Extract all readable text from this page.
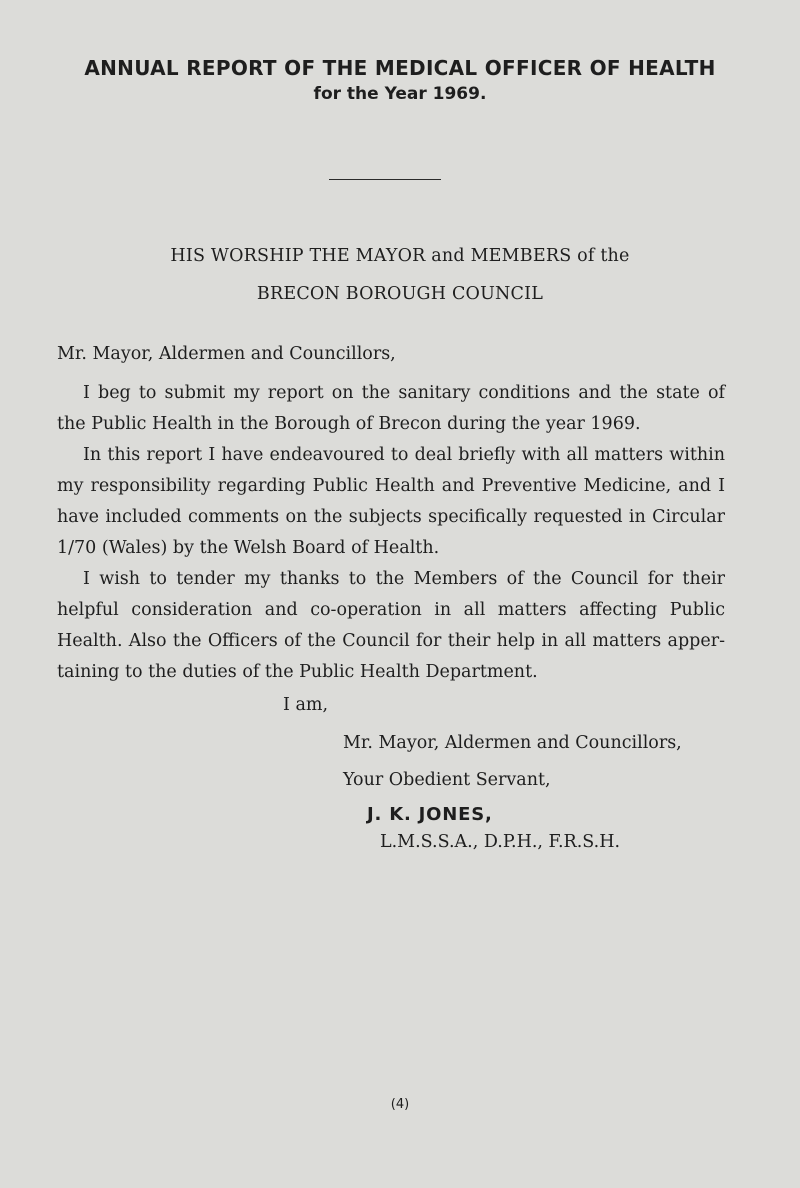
ANNUAL REPORT OF THE MEDICAL OFFICER OF HEALTH
for the Year 1969.
HIS WORSHIP THE MAYOR and MEMBERS of the
BRECON BOROUGH COUNCIL

Mr. Mayor, Aldermen and Councillors,

I beg to submit my report on the sanitary conditions and the state of the Public Health in the Borough of Brecon during the year 1969.

In this report I have endeavoured to deal briefly with all matters within my responsibility regarding Public Health and Preventive Medicine, and I have included comments on the subjects specifically requested in Circular 1/70 (Wales) by the Welsh Board of Health.

I wish to tender my thanks to the Members of the Council for their helpful consideration and co-operation in all matters affecting Public Health. Also the Officers of the Council for their help in all matters apper- taining to the duties of the Public Health Department.

I am,
Mr. Mayor, Aldermen and Councillors,
Your Obedient Servant,
J. K. JONES,
L.M.S.S.A., D.P.H., F.R.S.H.
(4)
